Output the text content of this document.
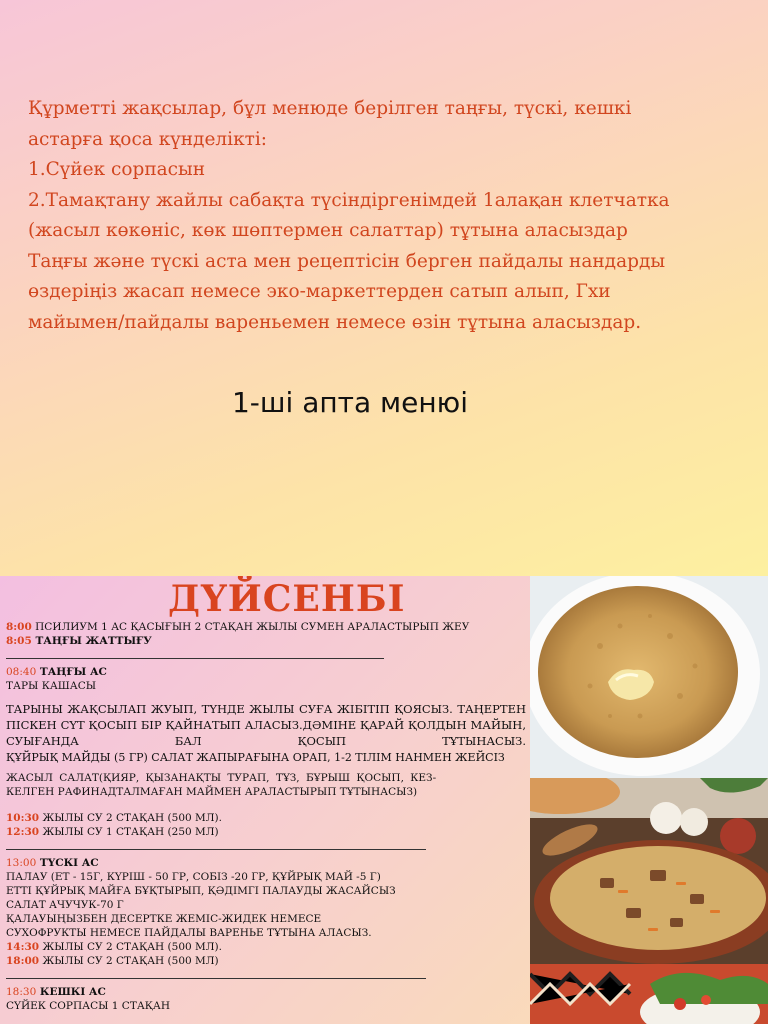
Құрметті жақсылар, бұл менюде берілген таңғы, түскі, кешкі

астарға қоса күнделікті:

1.Сүйек сорпасын

2.Тамақтану жайлы сабақта түсіндіргенімдей 1алақан клетчатка

(жасыл көкөніс, көк шөптермен салаттар) тұтына аласыздар

Таңғы және түскі аста мен рецептісін берген пайдалы нандарды

өздеріңіз жасап немесе эко-маркеттерден сатып алып, Гхи

майымен/пайдалы вареньемен немесе өзін тұтына аласыздар.

1-ші апта менюі
ДҮЙСЕНБІ
8:00 ПСИЛИУМ 1 АС ҚАСЫҒЫН 2 СТАҚАН ЖЫЛЫ СУМЕН АРАЛАСТЫРЫП ЖЕУ
8:05 ТАҢҒЫ ЖАТТЫҒУ
08:40 ТАҢҒЫ АС
ТАРЫ КАШАСЫ
ТАРЫНЫ ЖАҚСЫЛАП ЖУЫП, ТҮНДЕ ЖЫЛЫ СУҒА ЖІБІТІП ҚОЯСЫЗ. ТАҢЕРТЕН ПІСКЕН СҮТ ҚОСЫП БІР ҚАЙНАТЫП АЛАСЫЗ.ДӘМІНЕ ҚАРАЙ ҚОЛДЫН МАЙЫН, СУЫҒАНДА БАЛ ҚОСЫП ТҰТЫНАСЫЗ.
ҚҰЙРЫҚ МАЙДЫ (5 ГР) САЛАТ ЖАПЫРАҒЫНА ОРАП, 1-2 ТІЛІМ НАНМЕН ЖЕЙСІЗ
ЖАСЫЛ САЛАТ(ҚИЯР, ҚЫЗАНАҚТЫ ТУРАП, ТҰЗ, БҰРЫШ ҚОСЫП, КЕЗ-
КЕЛГЕН РАФИНАДТАЛМАҒАН МАЙМЕН АРАЛАСТЫРЫП ТҰТЫНАСЫЗ)
10:30 ЖЫЛЫ СУ 2 СТАҚАН (500 МЛ).
12:30 ЖЫЛЫ СУ 1 СТАҚАН (250 МЛ)
13:00 ТҮСКІ АС
ПАЛАУ (ЕТ - 15Г, КҮРІШ - 50 ГР, СОБІЗ -20 ГР, ҚҰЙРЫҚ МАЙ -5 Г)
ЕТТІ ҚҰЙРЫҚ МАЙҒА БҰҚТЫРЫП, ҚӘДІМГІ ПАЛАУДЫ ЖАСАЙСЫЗ
САЛАТ АЧУЧУК-70 Г
ҚАЛАУЫҢЫЗБЕН ДЕСЕРТКЕ ЖЕМІС-ЖИДЕК НЕМЕСЕ
СУХОФРУКТЫ НЕМЕСЕ ПАЙДАЛЫ ВАРЕНЬЕ ТҰТЫНА АЛАСЫЗ.
14:30 ЖЫЛЫ СУ 2 СТАҚАН (500 МЛ).
18:00 ЖЫЛЫ СУ 2 СТАҚАН (500 МЛ)
18:30 КЕШКІ АС
СҮЙЕК СОРПАСЫ 1 СТАҚАН
